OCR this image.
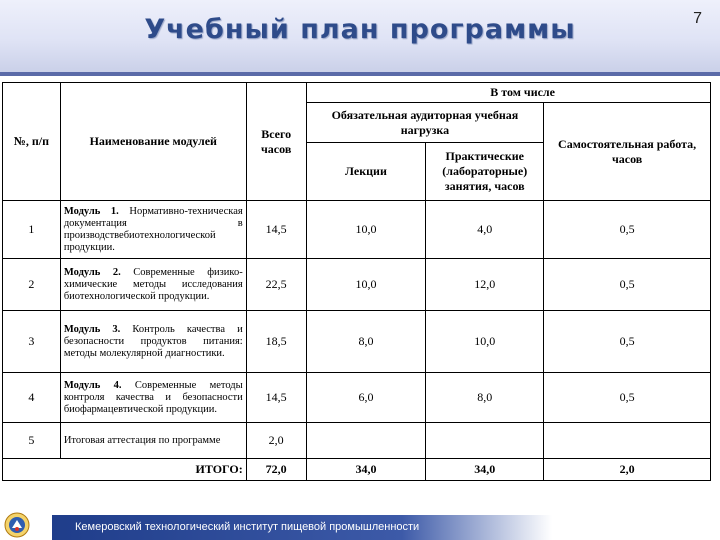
Учебный план программы	7
№, п/п	Наименование модулей	Всего часов	В том числе		
			Обязательная аудиторная учебная нагрузка		Самостоятельная работа, часов
			Лекции	Практические (лабораторные) занятия, часов	
1	Модуль 1. Нормативно-техническая документация в производствебиотехнологической продукции.	14,5	10,0	4,0	0,5
2	Модуль 2. Современные физико-химические методы исследования биотехнологической продукции.	22,5	10,0	12,0	0,5
3	Модуль 3. Контроль качества и безопасности продуктов питания: методы молекулярной диагностики.	18,5	8,0	10,0	0,5
4	Модуль 4. Современные методы контроля качества и безопасности биофармацевтической продукции.	14,5	6,0	8,0	0,5
5	Итоговая аттестация по программе	2,0			
	ИТОГО:	72,0	34,0	34,0	2,0
Кемеровский технологический институт пищевой промышленности
